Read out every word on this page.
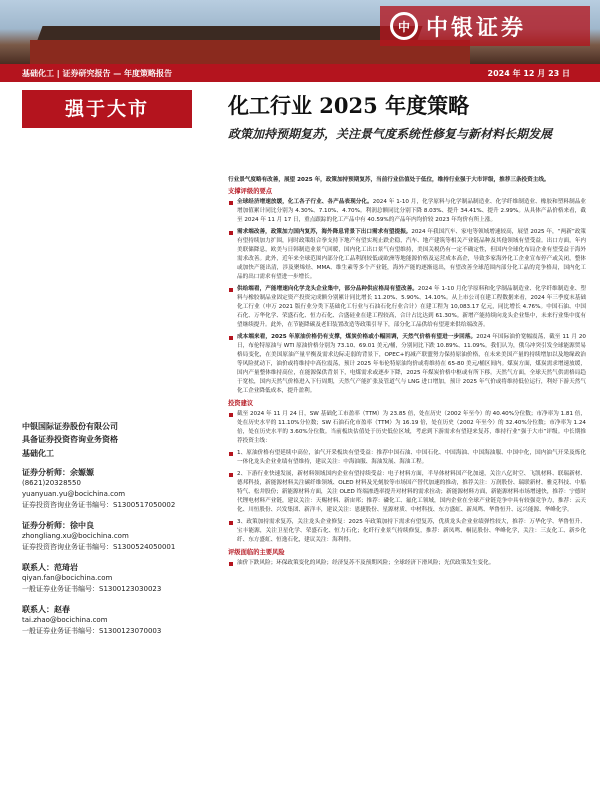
中 中银证券
基础化工 | 证券研究报告 — 年度策略报告	2024 年 12 月 23 日
强于大市	化工行业 2025 年度策略
政策加持预期复苏，关注景气度系统性修复与新材料长期发展
中银国际证券股份有限公司
具备证券投资咨询业务资格
基础化工
证券分析师：余嫄嫄
(8621)20328550
yuanyuan.yu@bocichina.com
证券投资咨询业务证书编号：S1300517050002
证券分析师：徐中良
zhongliang.xu@bocichina.com
证券投资咨询业务证书编号：S1300524050001
联系人：范琦岩
qiyan.fan@bocichina.com
一般证券业务证书编号：S1300123030023
联系人：赵春
tai.zhao@bocichina.com
一般证券业务证书编号：S1300123070003
行业景气度略有改善，展望 2025 年，政策加持预期复苏，当前行业估值处于低位，维持行业强于大市评级，推荐三条投资主线。
支撑评级的要点
全球经济增速放缓，化工各子行业、各产品表现分化。2024 年 1-10 月，化学原料与化学制品制造业、化学纤维制造业、橡胶和塑料制品业增加值累计同比分别为 4.30%、7.10%、4.70%。利润总额同比分别下降 8.03%、提升 34.41%、提升 2.99%。从具体产品价格来看，截至 2024 年 11 月 17 日，重点跟踪的化工产品中有 40.59%的产品年内均价较 2023 年均价有所上涨。
需求端改善，政策加力国内复苏，海外降息背景下出口需求有望提振。2024 年我国汽车、家电等领域增速较高，展望 2025 年，“两新”政策有望持续加力扩围，同时政策组合拳支持下地产有望实现止跌企稳，汽车、地产建筑等相关产业链品种及其他领域有望受益。出口方面，年内美联储降息，欧美与日韩制造业景气回暖，国内化工出口景气有望维持，美国关税仍有一定不确定性，但国内全球化布局企业有望受益于海外需求改善。此外，近年来全球范围内部分化工品利润较低或欧洲等地能源价格及运营成本高企，导致多家海外化工企业宣布停产或关闭，整体或加快产能出清，涉及聚烯烃、MMA、维生素等多个产业链，海外产能的逐渐退出，有望改善全球范围内部分化工品的竞争格局，国内化工品的出口需求有望进一步增长。
供给端看，产能增速向化学龙头企业集中，部分品种供应格局有望改善。2024 年 1-10 月化学原料和化学制品制造业、化学纤维制造业、塑料与橡胶制品业固定资产投资完成额分别累计同比增长 11.20%、5.90%、14.10%。从上市公司在建工程数据来看，2024 年三季度末基础化工行业（申万 2021 版行业分类下基础化工行业与石油石化行业合计）在建工程为 10,083.17 亿元，同比增长 4.76%。中国石油、中国石化、万华化学、荣盛石化、恒力石化、合盛硅业在建工程较高，合计占比达到 61.30%。新增产能持续向龙头企业集中，未来行业集中度有望继续提升。此外，在节能降碳及老旧装置改造等政策引导下，部分化工品供给有望迎来供给端改善。
成本端来看，2025 年原油价格仍有支撑，煤炭价格或小幅回调，天然气价格有望进一步回落。2024 年国际油价宽幅震荡，截至 11 月 20 日，布伦特原油与 WTI 原油价格分别为 73.10、69.01 美元/桶，分别同比下跌 10.89%、11.09%。我们认为，俄乌冲突引发全球能源贸易格局变化，在美国原油产量平衡及需求边际走弱的背景下，OPEC+的减产联盟努力保持原油价格，在未来美国产量的持续增加以及地缘政治等风险扰动下，油价或将维持中高位震荡，预计 2025 年布伦特原油均价或将维持在 65-80 美元/桶区间内。煤炭方面，煤炭需求增速放缓，国内产量整体维持高位，在能源保供背景下，电煤需求或逐步下降，2025 年煤炭价格中枢或有所下移。天然气方面，全球天然气供需格局趋于宽松，国内天然气价格进入下行周期，天然气产能扩张及管道气与 LNG 进口增加，预计 2025 年气价或将维持低位运行，利好下游天然气化工企业降低成本，提升盈利。
投资建议
截至 2024 年 11 月 24 日，SW 基础化工市盈率（TTM）为 23.85 倍，处在历史（2002 年至今）的 40.40%分位数；市净率为 1.81 倍，处在历史水平的 11.10%分位数；SW 石油石化市盈率（TTM）为 16.19 倍，处在历史（2002 年至今）的 32.40%分位数；市净率为 1.24 倍，处在历史水平的 3.60%分位数。当前板块估值处于历史低位区域，考虑到下游需求有望迎来复苏，维持行业“强于大市”评级。中长期推荐投资主线：
1、原油价格有望延续中高位，油气开采板块有望受益：推荐中国石油、中国石化、中国海油、中国海油服、中国中化，国内油气开采及炼化一体化龙头企业业绩有望维持，建议关注：中海油服、海油发展、海油工程。
2、下游行业快速发展，新材料领域国内企业有望持续受益：电子材料方面，半导体材料国产化加速，关注八亿时空、飞凯材料、联瑞新材、德邦科技，新能源材料关注碳纤维领域、OLED 材料及光刻胶等市场国产替代加速的推动，推荐关注：万润股份、瑞联新材、雅克科技、中船特气、松井股份；新能源材料方面，关注 OLED 终端渗透率提升对材料的需求拉动；新能源材料方面，新能源材料市场增速快，推荐：宁德时代锂电材料产业链，建议关注：天赐材料、新宙邦；推荐：磷化工、氟化工领域，国内企业在全球产业链竞争中具有较强竞争力，推荐：云天化、川恒股份、兴发集团、新洋丰，建议关注：恩捷股份、星源材质、中材科技、东方盛虹、新凤鸣、华鲁恒升、远兴能源、华峰化学。
3、政策加持需求复苏，关注龙头企业修复：2025 年政策加持下需求有望复苏，优质龙头企业业绩弹性较大，推荐：万华化学、华鲁恒升、宝丰能源，关注卫星化学、荣盛石化、恒力石化；化纤行业景气持续修复，推荐：新凤鸣、桐昆股份、华峰化学，关注：三友化工、新乡化纤、东方盛虹、恒逸石化，建议关注：海利得。
评级面临的主要风险
油价下跌风险；环保政策变化的风险；经济复苏不及预期风险；全球经济下滑风险；光伏政策发生变化。
